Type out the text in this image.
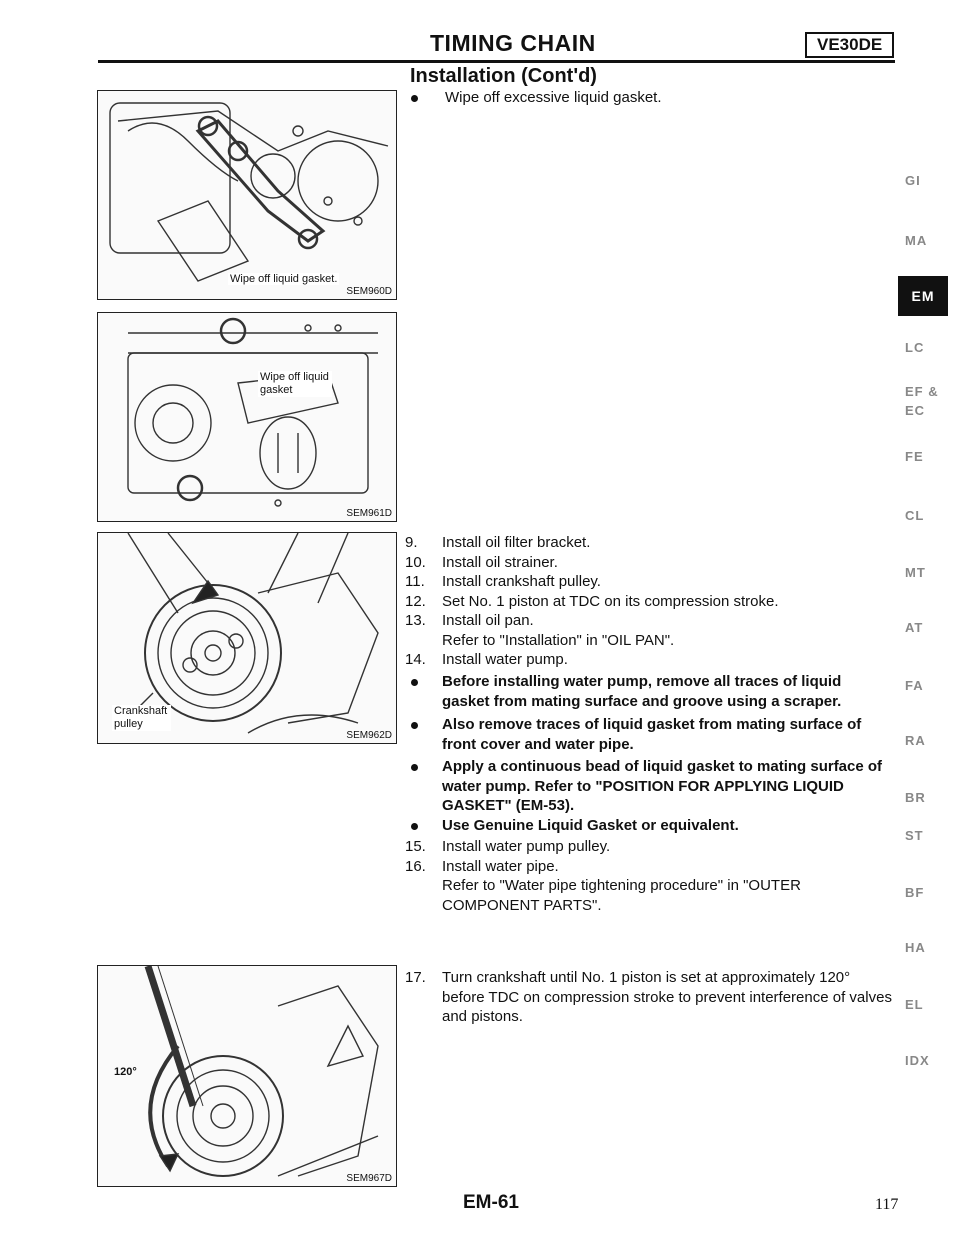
TIMING CHAIN	VE30DE
Installation (Cont'd)
Wipe off liquid gasket.
SEM960D
Wipe off liquid gasket
SEM961D
Crankshaft pulley
SEM962D
120°
SEM967D
Wipe off excessive liquid gasket.
9. Install oil filter bracket.
10. Install oil strainer.
11. Install crankshaft pulley.
12. Set No. 1 piston at TDC on its compression stroke.
13. Install oil pan.
Refer to "Installation" in "OIL PAN".
14. Install water pump.
Before installing water pump, remove all traces of liquid gasket from mating surface and groove using a scraper.
Also remove traces of liquid gasket from mating surface of front cover and water pipe.
Apply a continuous bead of liquid gasket to mating surface of water pump. Refer to "POSITION FOR APPLYING LIQUID GASKET" (EM-53).
Use Genuine Liquid Gasket or equivalent.
15. Install water pump pulley.
16. Install water pipe.
Refer to "Water pipe tightening procedure" in "OUTER COMPONENT PARTS".
17. Turn crankshaft until No. 1 piston is set at approximately 120° before TDC on compression stroke to prevent interference of valves and pistons.
GI
MA
EM
LC
EF &
EC
FE
CL
MT
AT
FA
RA
BR
ST
BF
HA
EL
IDX
EM-61	117
